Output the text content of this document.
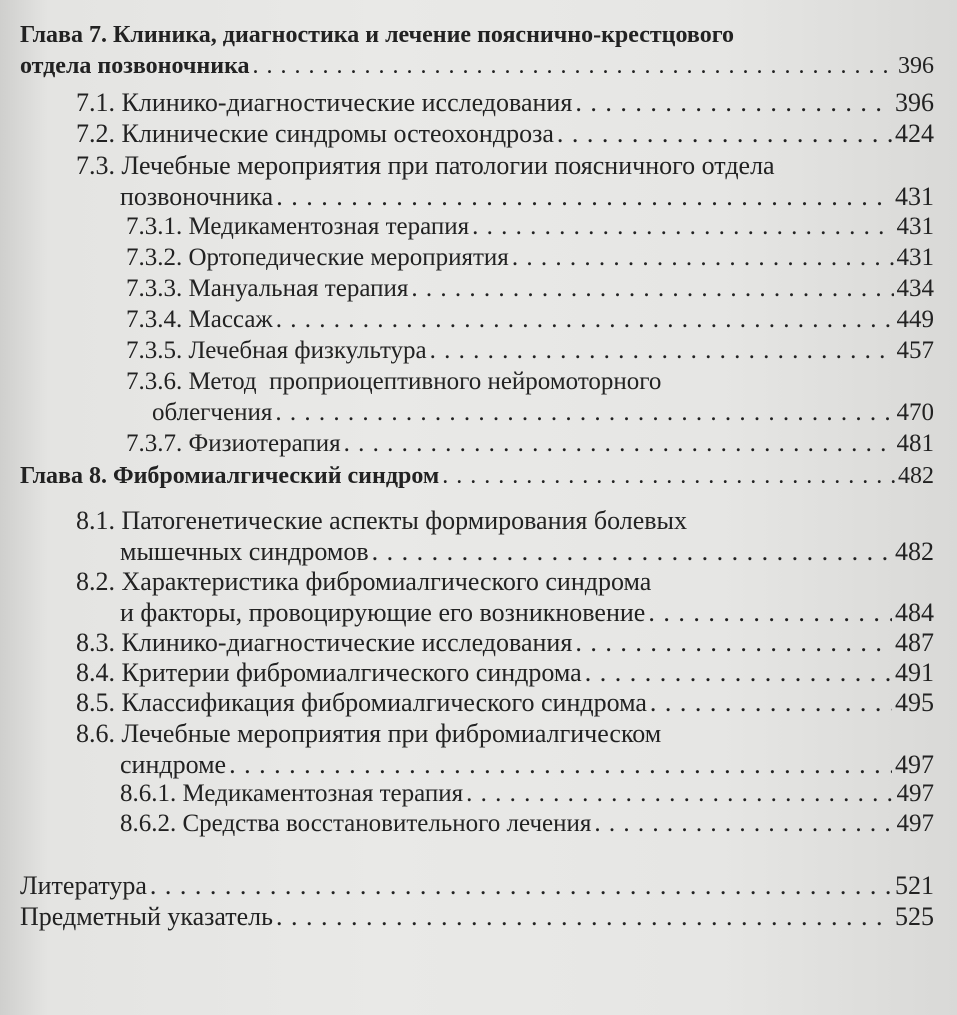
Глава 7. Клиника, диагностика и лечение пояснично-крестцового
отдела позвоночника . . .	396
7.1. Клинико-диагностические исследования . . .	396
7.2. Клинические синдромы остеохондроза . . .	424
7.3. Лечебные мероприятия при патологии поясничного отдела
позвоночника . . .	431
7.3.1. Медикаментозная терапия . . .	431
7.3.2. Ортопедические мероприятия . . .	431
7.3.3. Мануальная терапия . . .	434
7.3.4. Массаж . . .	449
7.3.5. Лечебная физкультура . . .	457
7.3.6. Метод  проприоцептивного нейромоторного
облегчения . . .	470
7.3.7. Физиотерапия . . .	481
Глава 8. Фибромиалгический синдром . . .	482
8.1. Патогенетические аспекты формирования болевых
мышечных синдромов . . .	482
8.2. Характеристика фибромиалгического синдрома
и факторы, провоцирующие его возникновение . . .	484
8.3. Клинико-диагностические исследования . . .	487
8.4. Критерии фибромиалгического синдрома . . .	491
8.5. Классификация фибромиалгического синдрома . . .	495
8.6. Лечебные мероприятия при фибромиалгическом
синдроме . . .	497
8.6.1. Медикаментозная терапия . . .	497
8.6.2. Средства восстановительного лечения . . .	497
Литература . . .	521
Предметный указатель . . .	525
